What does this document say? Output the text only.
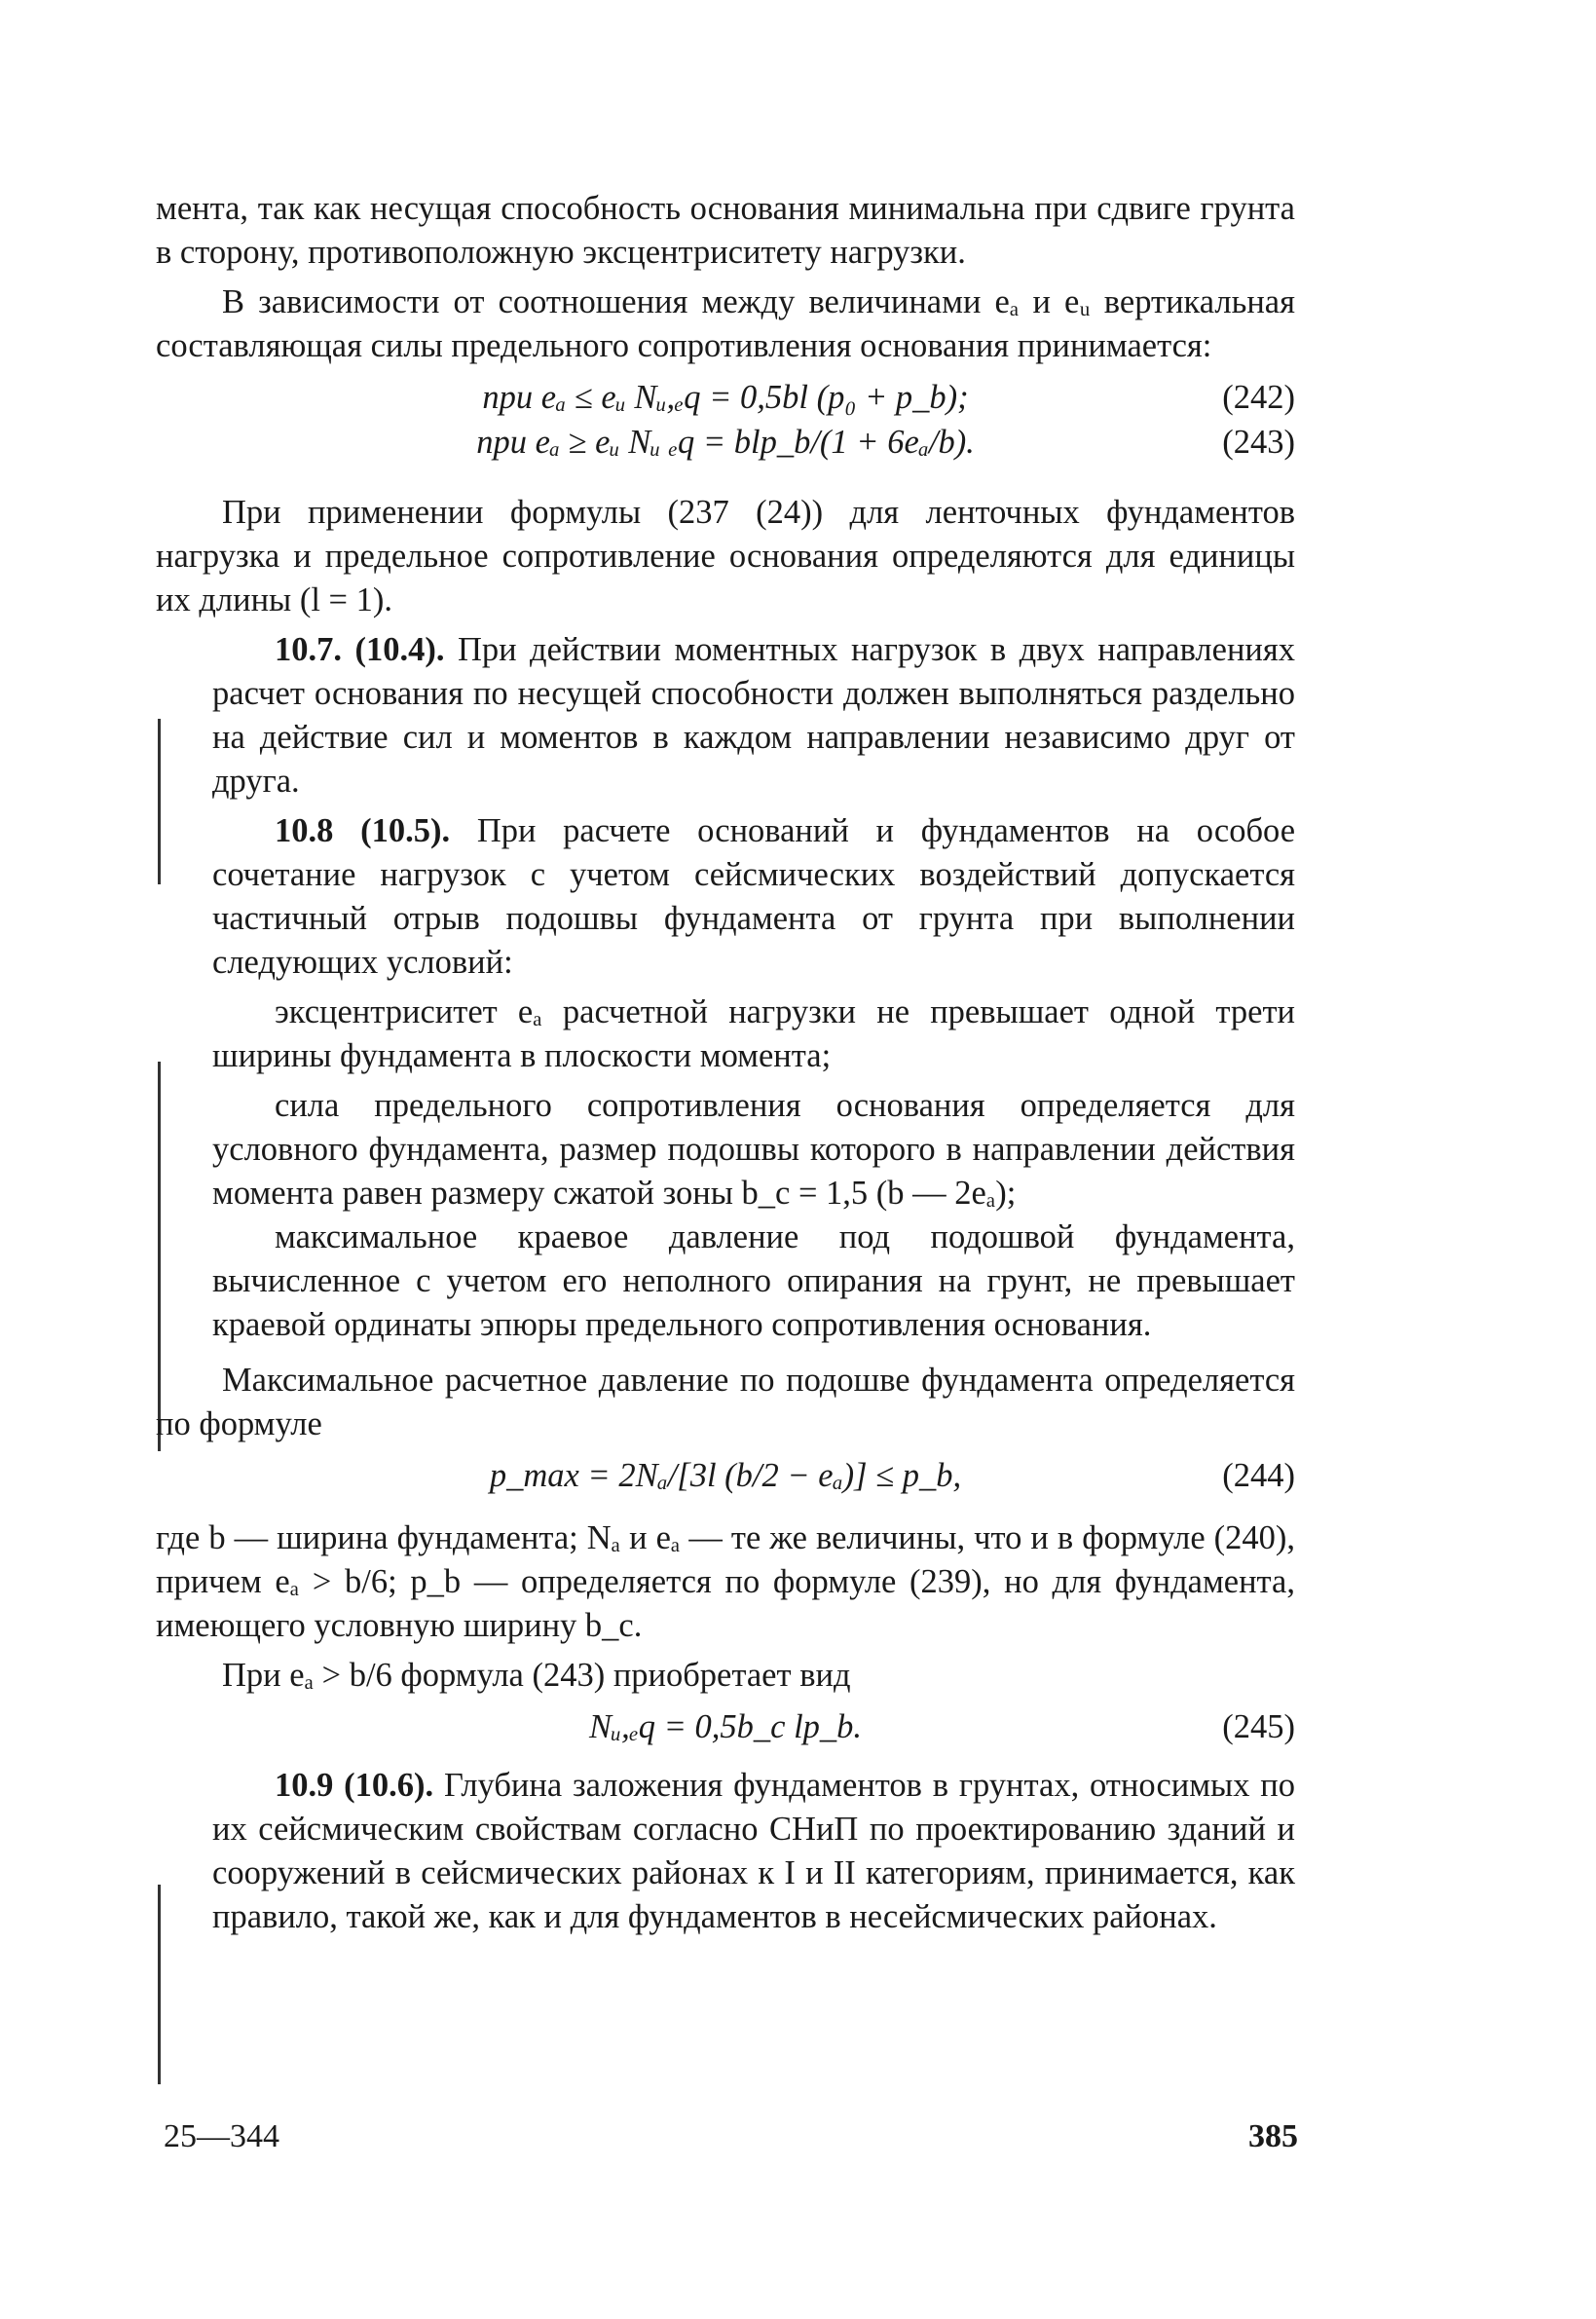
мента, так как несущая способность основания минимальна при сдвиге грунта в сторону, противоположную эксцентриситету нагрузки.

В зависимости от соотношения между величинами eₐ и eᵤ вертикальная составляющая силы предельного сопротивления основания принимается:

при eₐ ≤ eᵤ Nᵤ,ₑq = 0,5bl (p₀ + p_b);	(242)
при eₐ ≥ eᵤ Nᵤ ₑq = blp_b/(1 + 6eₐ/b).	(243)

При применении формулы (237 (24)) для ленточных фундаментов нагрузка и предельное сопротивление основания определяются для единицы их длины (l = 1).

10.7. (10.4). При действии моментных нагрузок в двух направлениях расчет основания по несущей способности должен выполняться раздельно на действие сил и моментов в каждом направлении независимо друг от друга.

10.8 (10.5). При расчете оснований и фундаментов на особое сочетание нагрузок с учетом сейсмических воздействий допускается частичный отрыв подошвы фундамента от грунта при выполнении следующих условий:

эксцентриситет eₐ расчетной нагрузки не превышает одной трети ширины фундамента в плоскости момента;

сила предельного сопротивления основания определяется для условного фундамента, размер подошвы которого в направлении действия момента равен размеру сжатой зоны b_c = 1,5 (b — 2eₐ);

максимальное краевое давление под подошвой фундамента, вычисленное с учетом его неполного опирания на грунт, не превышает краевой ординаты эпюры предельного сопротивления основания.

Максимальное расчетное давление по подошве фундамента определяется по формуле

p_max = 2Nₐ/[3l (b/2 − eₐ)] ≤ p_b,	(244)

где b — ширина фундамента; Nₐ и eₐ — те же величины, что и в формуле (240), причем eₐ > b/6; p_b — определяется по формуле (239), но для фундамента, имеющего условную ширину b_c.

При eₐ > b/6 формула (243) приобретает вид

Nᵤ,ₑq = 0,5b_c lp_b.	(245)

10.9 (10.6). Глубина заложения фундаментов в грунтах, относимых по их сейсмическим свойствам согласно СНиП по проектированию зданий и сооружений в сейсмических районах к I и II категориям, принимается, как правило, такой же, как и для фундаментов в несейсмических районах.

25—344	385
